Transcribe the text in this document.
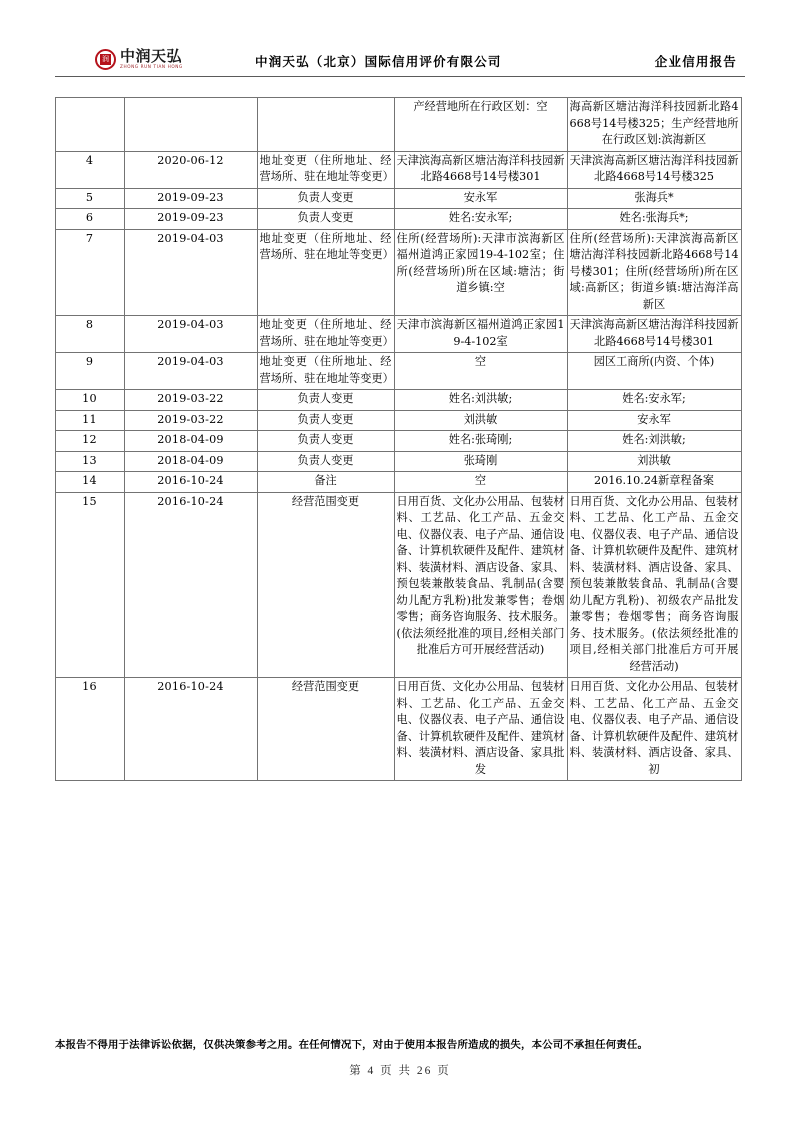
润 中润天弘
ZHONG RUN TIAN HONG	中润天弘（北京）国际信用评价有限公司	企业信用报告

			产经营地所在行政区划：空	海高新区塘沽海洋科技园新北路4668号14号楼325；生产经营地所在行政区划:滨海新区

4	2020-06-12	地址变更（住所地址、经营场所、驻在地址等变更）	天津滨海高新区塘沽海洋科技园新北路4668号14号楼301	天津滨海高新区塘沽海洋科技园新北路4668号14号楼325

5	2019-09-23	负责人变更	安永军	张海兵*
6	2019-09-23	负责人变更	姓名:安永军;	姓名:张海兵*;
7	2019-04-03	地址变更（住所地址、经营场所、驻在地址等变更）	住所(经营场所):天津市滨海新区福州道鸿正家园19-4-102室；住所(经营场所)所在区域:塘沽；街道乡镇:空	住所(经营场所):天津滨海高新区塘沽海洋科技园新北路4668号14号楼301；住所(经营场所)所在区域:高新区；街道乡镇:塘沽海洋高新区

8	2019-04-03	地址变更（住所地址、经营场所、驻在地址等变更）	天津市滨海新区福州道鸿正家园19-4-102室	天津滨海高新区塘沽海洋科技园新北路4668号14号楼301

9	2019-04-03	地址变更（住所地址、经营场所、驻在地址等变更）	空	园区工商所(内资、个体)
10	2019-03-22	负责人变更	姓名:刘洪敏;	姓名:安永军;
11	2019-03-22	负责人变更	刘洪敏	安永军
12	2018-04-09	负责人变更	姓名:张琦刚;	姓名:刘洪敏;
13	2018-04-09	负责人变更	张琦刚	刘洪敏
14	2016-10-24	备注	空	2016.10.24新章程备案
15	2016-10-24	经营范围变更	日用百货、文化办公用品、包装材料、工艺品、化工产品、五金交电、仪器仪表、电子产品、通信设备、计算机软硬件及配件、建筑材料、装潢材料、酒店设备、家具、预包装兼散装食品、乳制品(含婴幼儿配方乳粉)批发兼零售；卷烟零售；商务咨询服务、技术服务。(依法须经批准的项目,经相关部门批准后方可开展经营活动)	日用百货、文化办公用品、包装材料、工艺品、化工产品、五金交电、仪器仪表、电子产品、通信设备、计算机软硬件及配件、建筑材料、装潢材料、酒店设备、家具、预包装兼散装食品、乳制品(含婴幼儿配方乳粉)、初级农产品批发兼零售；卷烟零售；商务咨询服务、技术服务。(依法须经批准的项目,经相关部门批准后方可开展经营活动)

16	2016-10-24	经营范围变更	日用百货、文化办公用品、包装材料、工艺品、化工产品、五金交电、仪器仪表、电子产品、通信设备、计算机软硬件及配件、建筑材料、装潢材料、酒店设备、家具批发	日用百货、文化办公用品、包装材料、工艺品、化工产品、五金交电、仪器仪表、电子产品、通信设备、计算机软硬件及配件、建筑材料、装潢材料、酒店设备、家具、初

本报告不得用于法律诉讼依据，仅供决策参考之用。在任何情况下，对由于使用本报告所造成的损失，本公司不承担任何责任。

第 4 页 共 26 页
